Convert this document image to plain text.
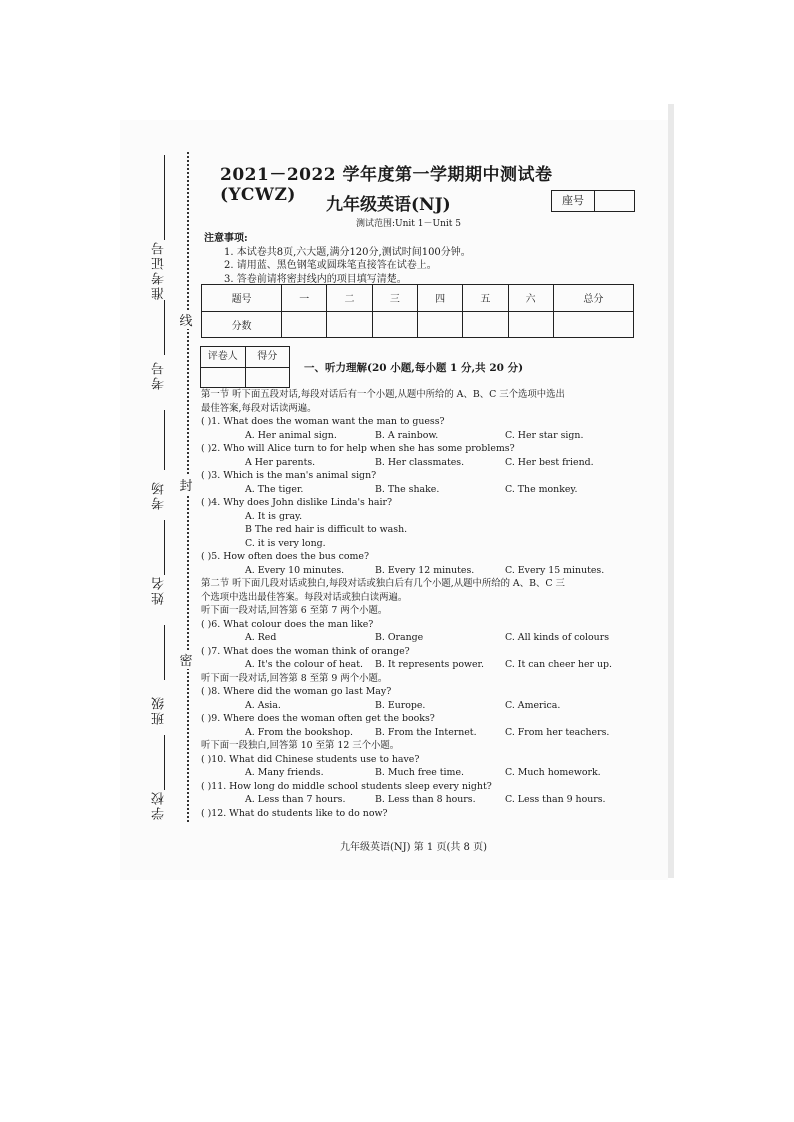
准考证号
考号
考场
姓名
班级
学校
线
封
密
2021－2022 学年度第一学期期中测试卷(YCWZ)	九年级英语(NJ)	座号
测试范围:Unit 1－Unit 5
注意事项:
1. 本试卷共8页,六大题,满分120分,测试时间100分钟。
2. 请用蓝、黑色钢笔或圆珠笔直接答在试卷上。
3. 答卷前请将密封线内的项目填写清楚。
题号	一	二	三	四	五	六	总分
分数							
评卷人	得分
一、听力理解(20 小题,每小题 1 分,共 20 分)

第一节 听下面五段对话,每段对话后有一个小题,从题中所给的 A、B、C 三个选项中选出

最佳答案,每段对话读两遍。

( )1. What does the woman want the man to guess?

A. Her animal sign.	B. A rainbow.	C. Her star sign.

( )2. Who will Alice turn to for help when she has some problems?

A Her parents.	B. Her classmates.	C. Her best friend.

( )3. Which is the man's animal sign?

A. The tiger.	B. The shake.	C. The monkey.

( )4. Why does John dislike Linda's hair?

A. It is gray.

B The red hair is difficult to wash.

C. it is very long.

( )5. How often does the bus come?

A. Every 10 minutes.	B. Every 12 minutes.	C. Every 15 minutes.

第二节 听下面几段对话或独白,每段对话或独白后有几个小题,从题中所给的 A、B、C 三

个选项中选出最佳答案。每段对话或独白读两遍。

听下面一段对话,回答第 6 至第 7 两个小题。

( )6. What colour does the man like?

A. Red	B. Orange	C. All kinds of colours

( )7. What does the woman think of orange?

A. It's the colour of heat. B. It represents power. C. It can cheer her up.

听下面一段对话,回答第 8 至第 9 两个小题。

( )8. Where did the woman go last May?

A. Asia.	B. Europe.	C. America.

( )9. Where does the woman often get the books?

A. From the bookshop. B. From the Internet.	C. From her teachers.

听下面一段独白,回答第 10 至第 12 三个小题。

( )10. What did Chinese students use to have?

A. Many friends.	B. Much free time.	C. Much homework.

( )11. How long do middle school students sleep every night?

A. Less than 7 hours.	B. Less than 8 hours.	C. Less than 9 hours.

( )12. What do students like to do now?

九年级英语(NJ) 第 1 页(共 8 页)
